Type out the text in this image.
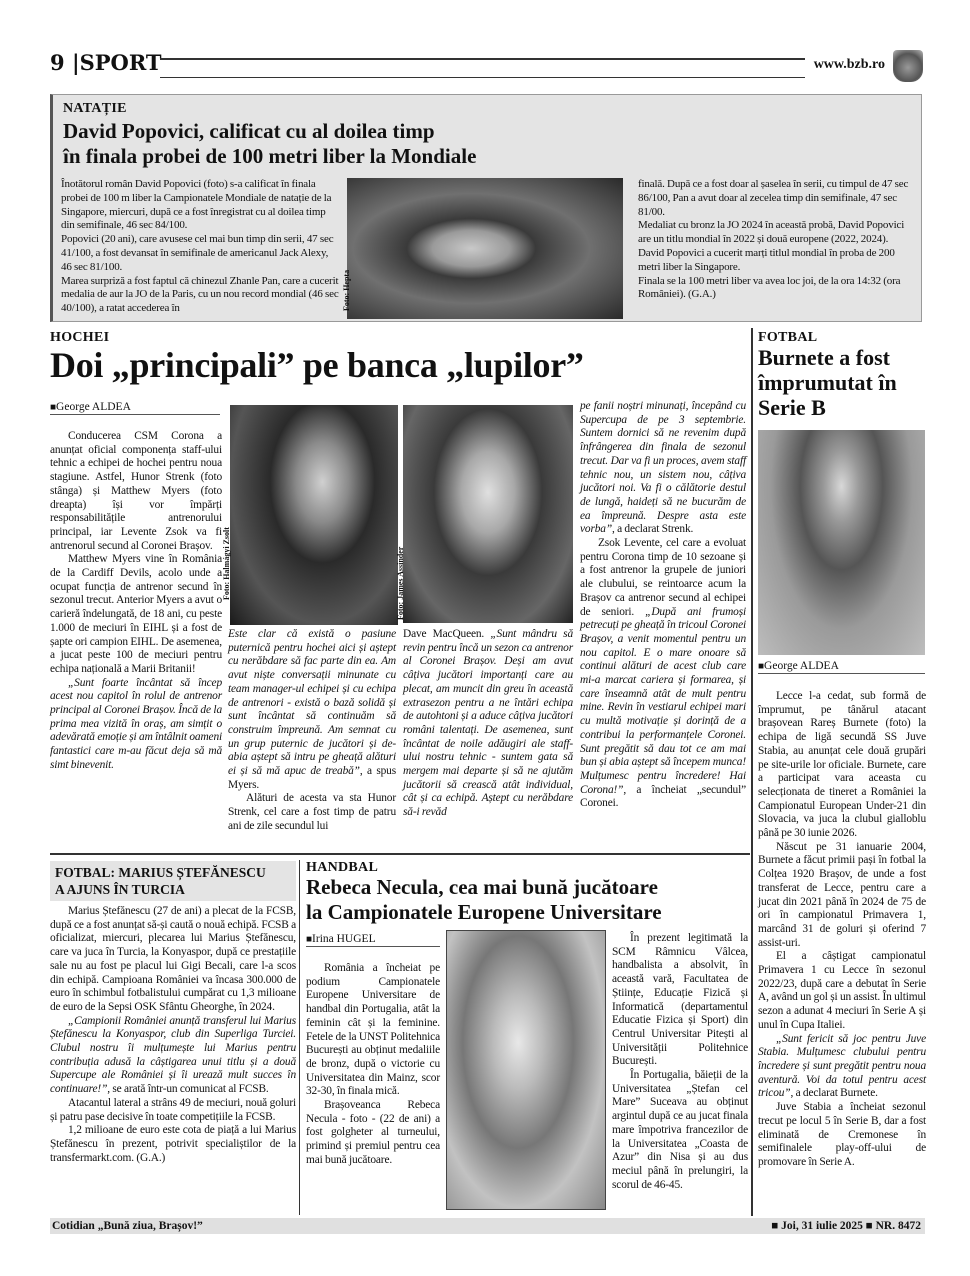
9 |SPORT	www.bzb.ro
NATAȚIE
David Popovici, calificat cu al doilea timp
în finala probei de 100 metri liber la Mondiale

Înotătorul român David Popovici (foto) s-a calificat în finala probei de 100 m liber la Campionatele Mondiale de natație de la Singapore, miercuri, după ce a fost înregistrat cu al doilea timp din semifinale, 46 sec 84/100.

Popovici (20 ani), care avusese cel mai bun timp din serii, 47 sec 41/100, a fost devansat în semifinale de americanul Jack Alexy, 46 sec 81/100.

Marea surpriză a fost faptul că chinezul Zhanle Pan, care a cucerit medalia de aur la JO de la Paris, cu un nou record mondial (46 sec 40/100), a ratat accederea în	Foto: Hepta

finală. După ce a fost doar al șaselea în serii, cu timpul de 47 sec 86/100, Pan a avut doar al zecelea timp din semifinale, 47 sec 81/00.

Medaliat cu bronz la JO 2024 în această probă, David Popovici are un titlu mondial în 2022 și două europene (2022, 2024).

David Popovici a cucerit marți titlul mondial în proba de 200 metri liber la Singapore.

Finala se la 100 metri liber va avea loc joi, de la ora 14:32 (ora României). (G.A.)

HOCHEI
Doi „principali” pe banca „lupilor”
■ George ALDEA

Conducerea CSM Corona a anunțat oficial componența staff-ului tehnic a echipei de hochei pentru noua stagiune. Astfel, Hunor Strenk (foto stânga) și Matthew Myers (foto dreapta) își vor împărți responsabilitățile antrenorului principal, iar Levente Zsok va fi antrenorul secund al Coronei Brașov.

Matthew Myers vine în România de la Cardiff Devils, acolo unde a ocupat funcția de antrenor secund în sezonul trecut. Anterior Myers a avut o carieră îndelungată, de 18 ani, cu peste 1.000 de meciuri în EIHL și a fost de șapte ori campion EIHL. De asemenea, a jucat peste 100 de meciuri pentru echipa națională a Marii Britanii!

„Sunt foarte încântat să încep acest nou capitol în rolul de antrenor principal al Coronei Brașov. Încă de la prima mea vizită în oraș, am simțit o adevărată emoție și am întâlnit oameni fantastici care m-au făcut deja să mă simt binevenit.

Foto: Halmágyi Zsolt	Foto: James Assinder

Este clar că există o pasiune puternică pentru hochei aici și aștept cu nerăbdare să fac parte din ea. Am avut niște conversații minunate cu team manager-ul echipei și cu echipa de antrenori - există o bază solidă și sunt încântat să continuăm să construim împreună. Am semnat cu un grup puternic de jucători și de-abia aștept să intru pe gheață alături ei și să mă apuc de treabă”, a spus Myers.

Alături de acesta va sta Hunor Strenk, cel care a fost timp de patru ani de zile secundul lui

Dave MacQueen. „Sunt mândru să revin pentru încă un sezon ca antrenor al Coronei Brașov. Deși am avut câțiva jucători importanți care au plecat, am muncit din greu în această extrasezon pentru a ne întări echipa de autohtoni și a aduce câțiva jucători români talentați. De asemenea, sunt încântat de noile adăugiri ale staff-ului nostru tehnic - suntem gata să mergem mai departe și să ne ajutăm jucătorii să crească atât individual, cât și ca echipă. Aștept cu nerăbdare să-i revăd

pe fanii noștri minunați, începând cu Supercupa de pe 3 septembrie. Suntem dornici să ne revenim după înfrângerea din finala de sezonul trecut. Dar va fi un proces, avem staff tehnic nou, un sistem nou, câțiva jucători noi. Va fi o călătorie destul de lungă, haideți să ne bucurăm de ea împreună. Despre asta este vorba”, a declarat Strenk.

Zsok Levente, cel care a evoluat pentru Corona timp de 10 sezoane și a fost antrenor la grupele de juniori ale clubului, se reintoarce acum la Brașov ca antrenor secund al echipei de seniori. „După ani frumoși petrecuți pe gheață în tricoul Coronei Brașov, a venit momentul pentru un nou capitol. E o mare onoare să continui alături de acest club care mi-a marcat cariera și formarea, și care înseamnă atât de mult pentru mine. Revin în vestiarul echipei mari cu multă motivație și dorință de a contribui la performanțele Coronei. Sunt pregătit să dau tot ce am mai bun și abia aștept să începem munca! Mulțumesc pentru încredere! Hai Corona!”, a încheiat „secundul” Coronei.

FOTBAL
Burnete a fost împrumutat în Serie B
■ George ALDEA

Lecce l-a cedat, sub formă de împrumut, pe tânărul atacant brașovean Rareș Burnete (foto) la echipa de ligă secundă SS Juve Stabia, au anunțat cele două grupări pe site-urile lor oficiale. Burnete, care a participat vara aceasta cu selecționata de tineret a României la Campionatul European Under-21 din Slovacia, va juca la clubul gialloblu până pe 30 iunie 2026.

Născut pe 31 ianuarie 2004, Burnete a făcut primii pași în fotbal la Colțea 1920 Brașov, de unde a fost transferat de Lecce, pentru care a jucat din 2021 până în 2024 de 75 de ori în campionatul Primavera 1, marcând 31 de goluri și oferind 7 assist-uri.

El a câștigat campionatul Primavera 1 cu Lecce în sezonul 2022/23, după care a debutat în Serie A, având un gol și un assist. În ultimul sezon a adunat 4 meciuri în Serie A și unul în Cupa Italiei.

„Sunt fericit să joc pentru Juve Stabia. Mulțumesc clubului pentru încredere și sunt pregătit pentru noua aventură. Voi da totul pentru acest tricou”, a declarat Burnete.

Juve Stabia a încheiat sezonul trecut pe locul 5 în Serie B, dar a fost eliminată de Cremonese în semifinalele play-off-ului de promovare în Serie A.

FOTBAL: MARIUS ȘTEFĂNESCU
A AJUNS ÎN TURCIA

Marius Ștefănescu (27 de ani) a plecat de la FCSB, după ce a fost anunțat să-și caută o nouă echipă. FCSB a oficializat, miercuri, plecarea lui Marius Ștefănescu, care va juca în Turcia, la Konyaspor, după ce prestațiile sale nu au fost pe placul lui Gigi Becali, care l-a scos din echipă. Campioana României va încasa 300.000 de euro în schimbul fotbalistului cumpărat cu 1,3 milioane de euro de la Sepsi OSK Sfântu Gheorghe, în 2024.

„Campionii României anunță transferul lui Marius Ștefănescu la Konyaspor, club din Superliga Turciei. Clubul nostru îi mulțumește lui Marius pentru contribuția adusă la câștigarea unui titlu și a două Supercupe ale României și îi urează mult succes în continuare!”, se arată într-un comunicat al FCSB.

Atacantul lateral a strâns 49 de meciuri, nouă goluri și patru pase decisive în toate competițiile la FCSB.

1,2 milioane de euro este cota de piață a lui Marius Ștefănescu în prezent, potrivit specialiștilor de la transfermarkt.com. (G.A.)

HANDBAL
Rebeca Necula, cea mai bună jucătoare
la Campionatele Europene Universitare
■ Irina HUGEL

România a încheiat pe podium Campionatele Europene Universitare de handbal din Portugalia, atât la feminin cât și la feminine. Fetele de la UNST Politehnica București au obținut medaliile de bronz, după o victorie cu Universitatea din Mainz, scor 32-30, în finala mică.

Brașoveanca Rebeca Necula - foto - (22 de ani) a fost golgheter al turneului, primind și premiul pentru cea mai bună jucătoare.

În prezent legitimată la SCM Râmnicu Vâlcea, handbalista a absolvit, în această vară, Facultatea de Științe, Educație Fizică și Informatică (departamentul Educatie Fizica și Sport) din Centrul Universitar Pitești al Universității Politehnice București.

În Portugalia, băieții de la Universitatea „Ștefan cel Mare” Suceava au obținut argintul după ce au jucat finala mare împotriva francezilor de la Universitatea „Coasta de Azur” din Nisa și au dus meciul până în prelungiri, la scorul de 46-45.

Cotidian „Bună ziua, Brașov!”	■ Joi, 31 iulie 2025 ■ NR. 8472
